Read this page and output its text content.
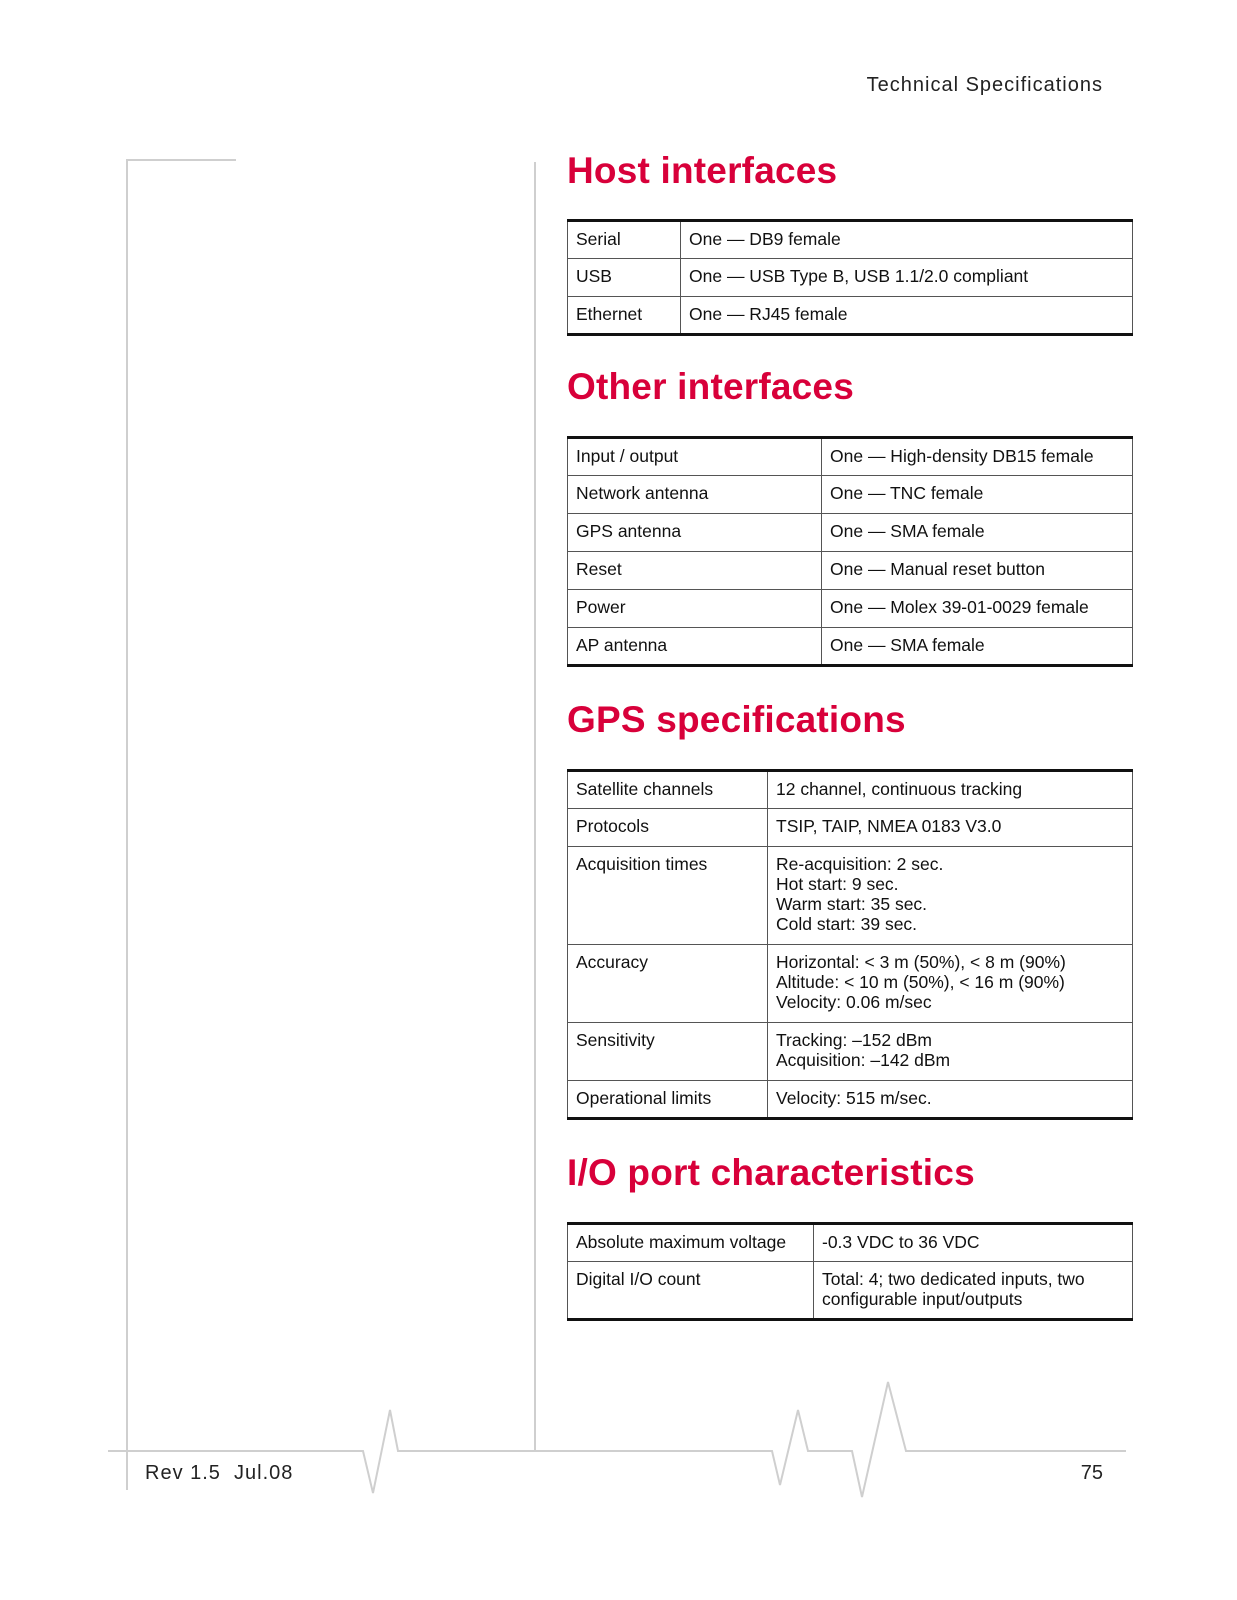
Technical Specifications
Host interfaces
Serial	One — DB9 female
USB	One — USB Type B, USB 1.1/2.0 compliant
Ethernet	One — RJ45 female
Other interfaces
Input / output	One — High-density DB15 female
Network antenna	One — TNC female
GPS antenna	One — SMA female
Reset	One — Manual reset button
Power	One — Molex 39-01-0029 female
AP antenna	One — SMA female
GPS specifications
Satellite channels	12 channel, continuous tracking
Protocols	TSIP, TAIP, NMEA 0183 V3.0
Acquisition times	Re-acquisition: 2 sec.
Hot start: 9 sec.
Warm start: 35 sec.
Cold start: 39 sec.
Accuracy	Horizontal: < 3 m (50%), < 8 m (90%)
Altitude: < 10 m (50%), < 16 m (90%)
Velocity: 0.06 m/sec
Sensitivity	Tracking: –152 dBm
Acquisition: –142 dBm
Operational limits	Velocity: 515 m/sec.
I/O port characteristics
Absolute maximum voltage	-0.3 VDC to 36 VDC
Digital I/O count	Total: 4; two dedicated inputs, two
configurable input/outputs
Rev 1.5  Jul.08	75
